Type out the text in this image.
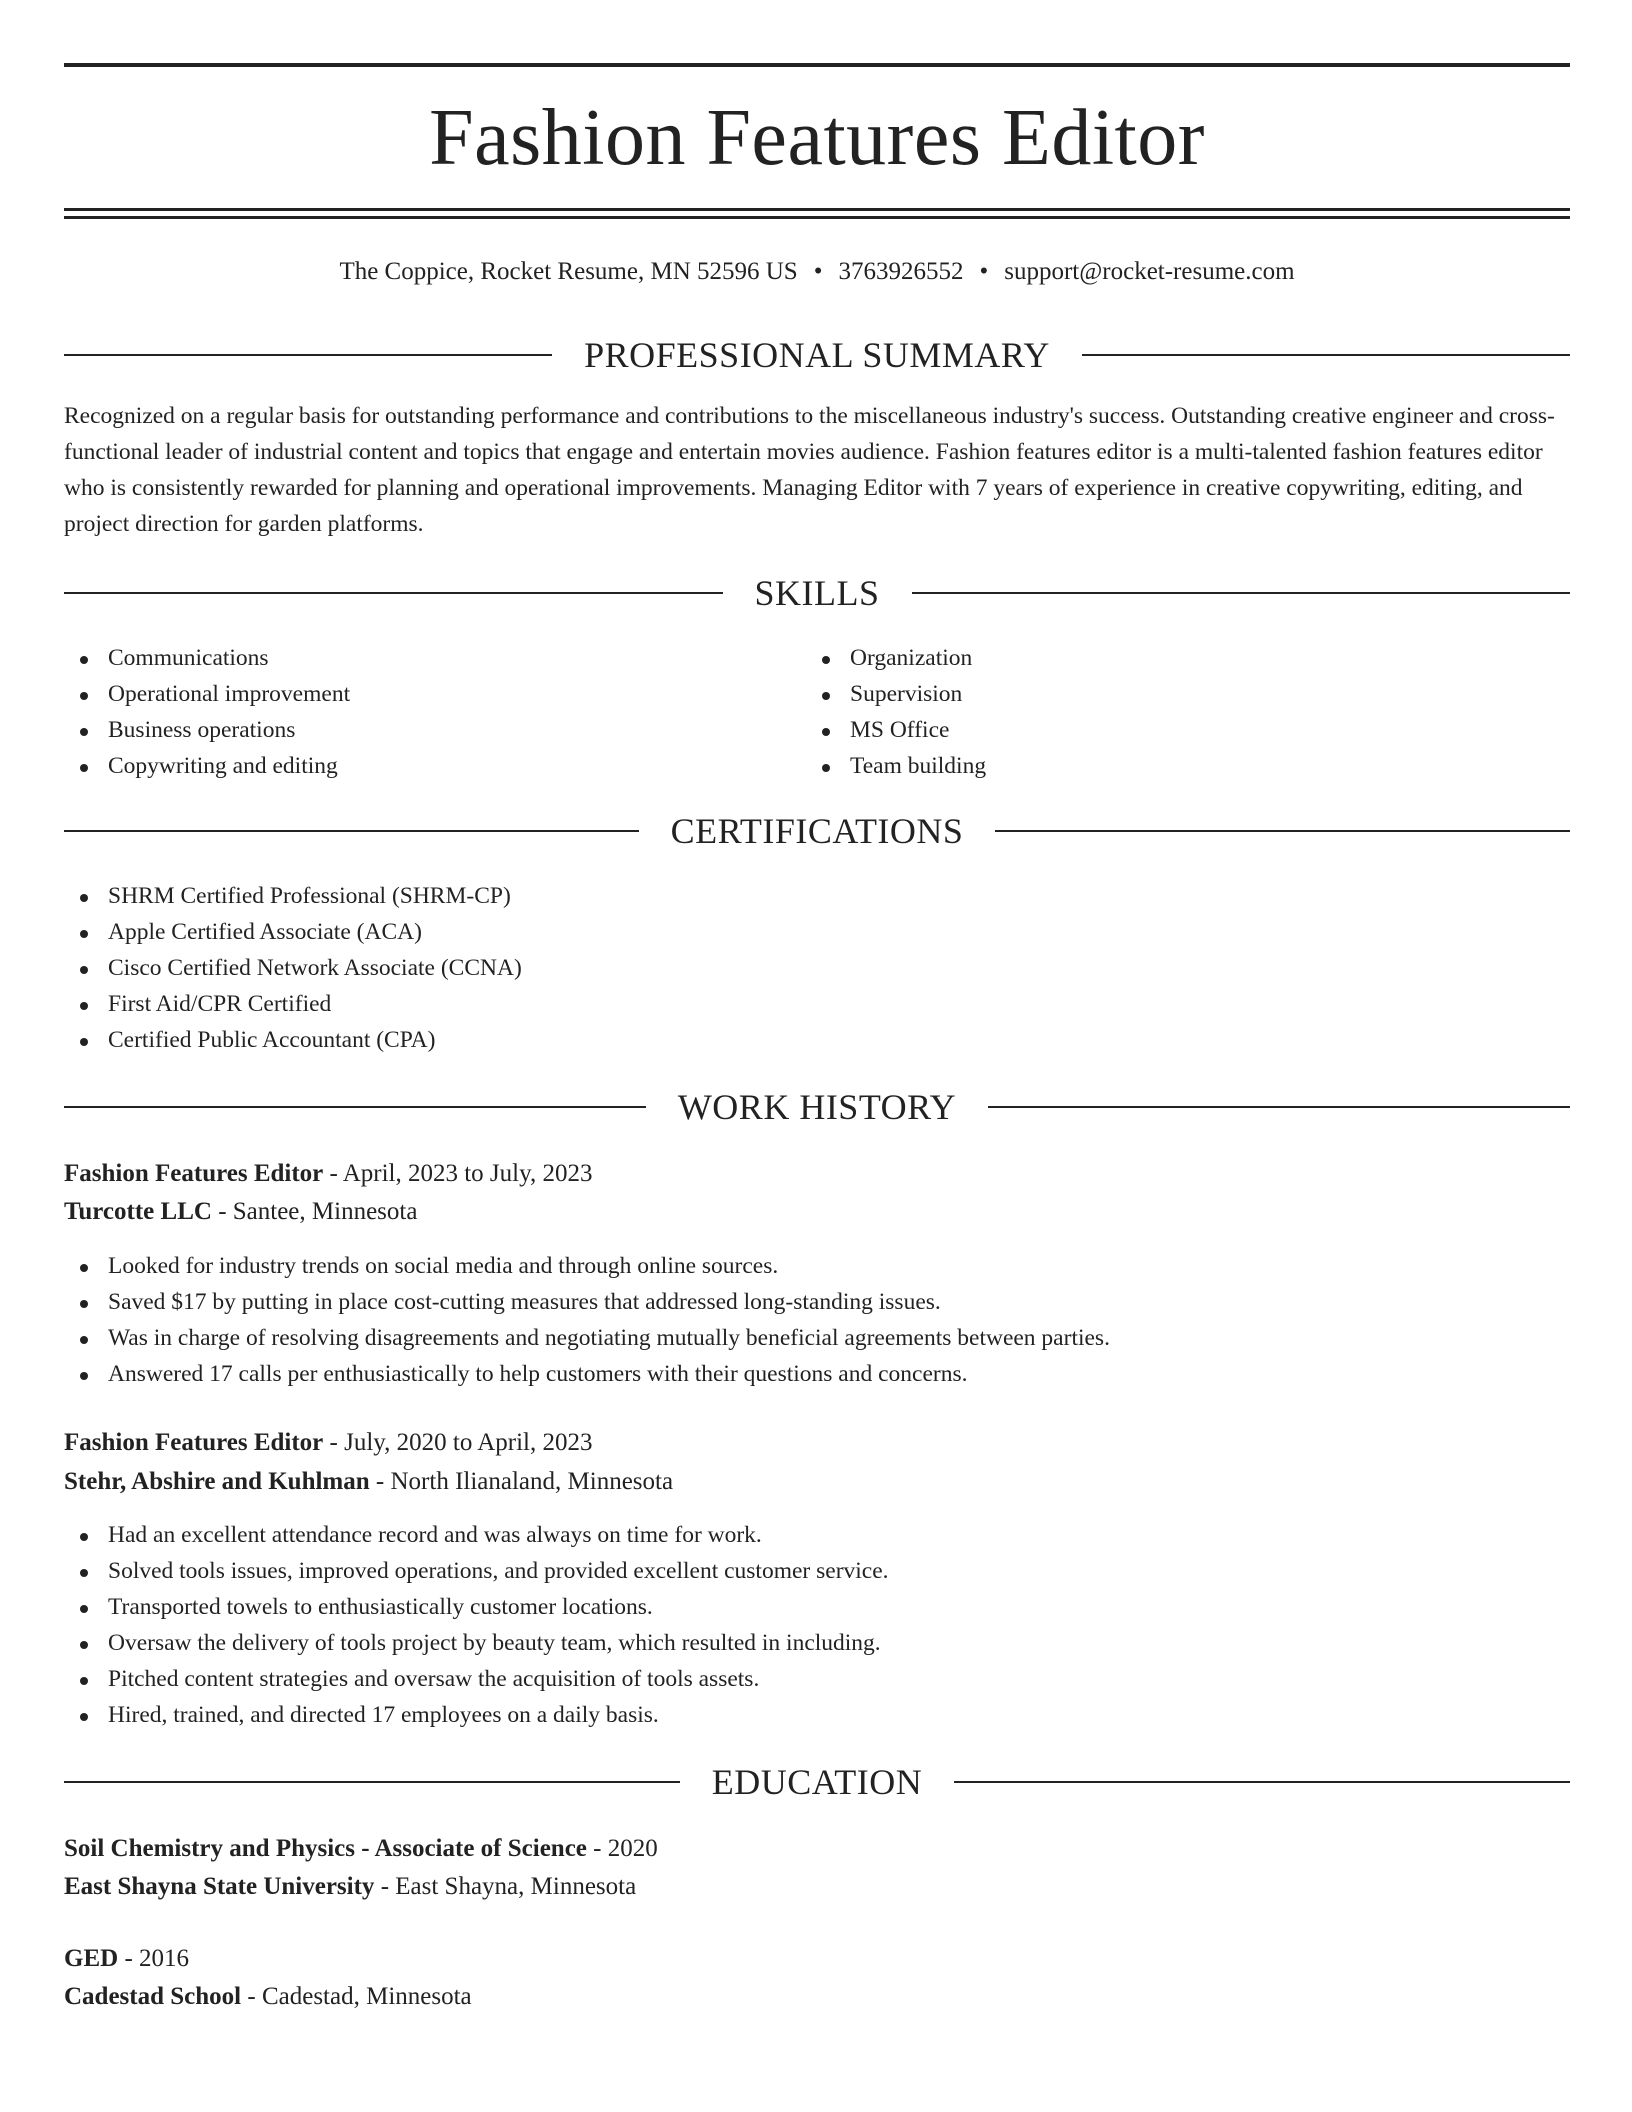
Fashion Features Editor
The Coppice, Rocket Resume, MN 52596 US • 3763926552 • support@rocket-resume.com
PROFESSIONAL SUMMARY
Recognized on a regular basis for outstanding performance and contributions to the miscellaneous industry's success. Outstanding creative engineer and cross-functional leader of industrial content and topics that engage and entertain movies audience. Fashion features editor is a multi-talented fashion features editor who is consistently rewarded for planning and operational improvements. Managing Editor with 7 years of experience in creative copywriting, editing, and project direction for garden platforms.
SKILLS
Communications
Operational improvement
Business operations
Copywriting and editing
Organization
Supervision
MS Office
Team building
CERTIFICATIONS
SHRM Certified Professional (SHRM-CP)
Apple Certified Associate (ACA)
Cisco Certified Network Associate (CCNA)
First Aid/CPR Certified
Certified Public Accountant (CPA)
WORK HISTORY
Fashion Features Editor - April, 2023 to July, 2023
Turcotte LLC - Santee, Minnesota
Looked for industry trends on social media and through online sources.
Saved $17 by putting in place cost-cutting measures that addressed long-standing issues.
Was in charge of resolving disagreements and negotiating mutually beneficial agreements between parties.
Answered 17 calls per enthusiastically to help customers with their questions and concerns.
Fashion Features Editor - July, 2020 to April, 2023
Stehr, Abshire and Kuhlman - North Ilianaland, Minnesota
Had an excellent attendance record and was always on time for work.
Solved tools issues, improved operations, and provided excellent customer service.
Transported towels to enthusiastically customer locations.
Oversaw the delivery of tools project by beauty team, which resulted in including.
Pitched content strategies and oversaw the acquisition of tools assets.
Hired, trained, and directed 17 employees on a daily basis.
EDUCATION
Soil Chemistry and Physics - Associate of Science - 2020
East Shayna State University - East Shayna, Minnesota
GED - 2016
Cadestad School - Cadestad, Minnesota
